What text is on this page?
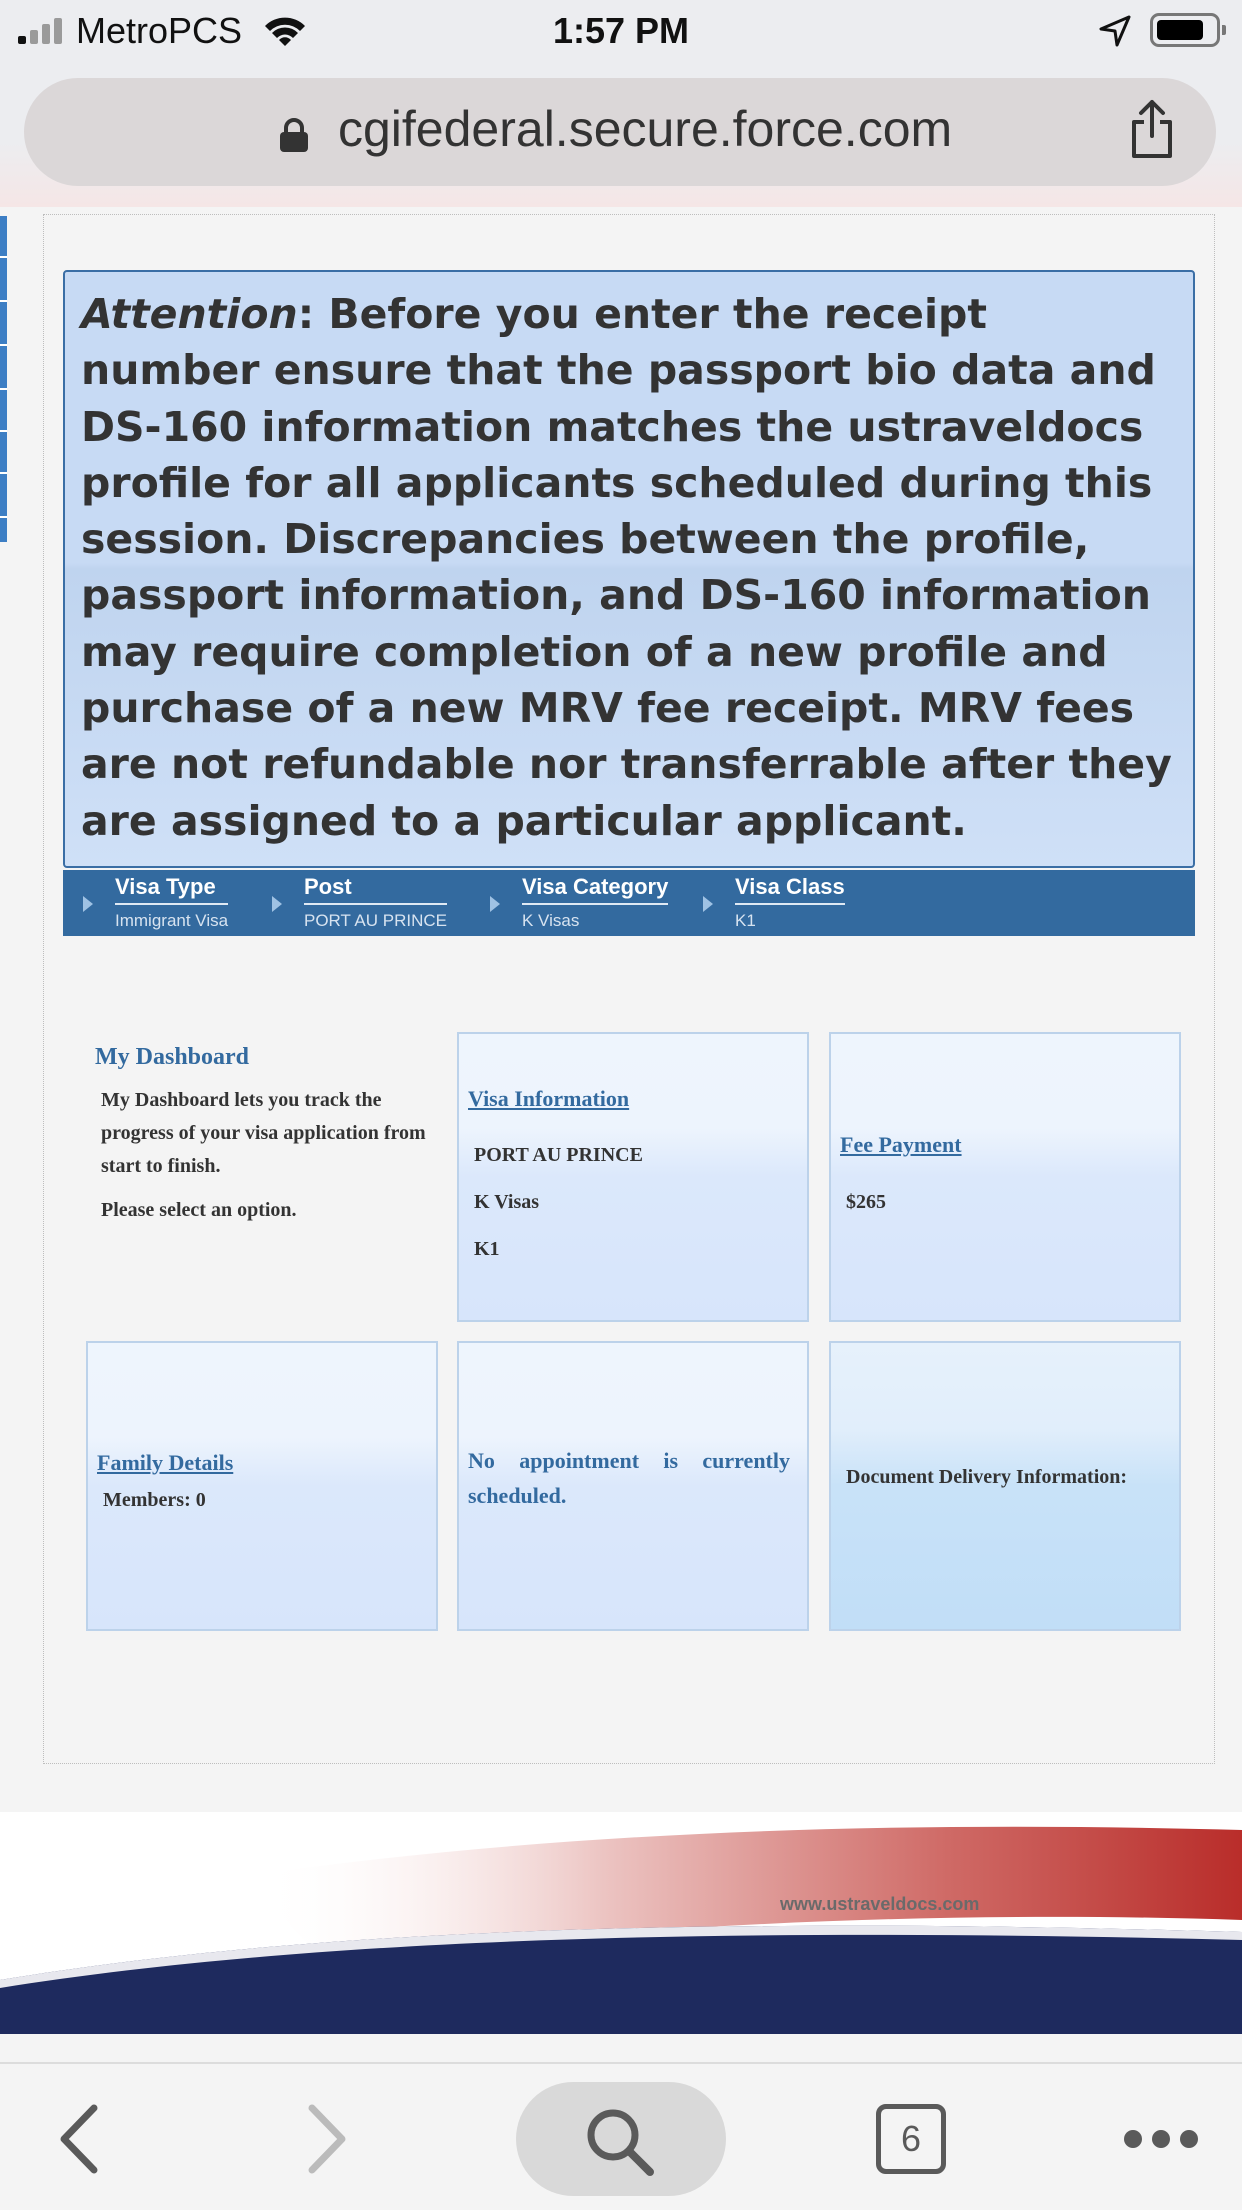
MetroPCS	1:57 PM
cgifederal.secure.force.com

Attention: Before you enter the receipt number ensure that the passport bio data and DS-160 information matches the ustraveldocs profile for all applicants scheduled during this session. Discrepancies between the profile, passport information, and DS-160 information may require completion of a new profile and purchase of a new MRV fee receipt. MRV fees are not refundable nor transferrable after they are assigned to a particular applicant.

Visa Type
Immigrant Visa
Post
PORT AU PRINCE
Visa Category
K Visas
Visa Class
K1
My Dashboard

My Dashboard lets you track the progress of your visa application from start to finish.

Please select an option.
Visa Information
PORT AU PRINCE
K Visas
K1
Fee Payment
$265
Family Details
Members: 0
No appointment is currently scheduled.
Document Delivery Information:
www.ustraveldocs.com
6
